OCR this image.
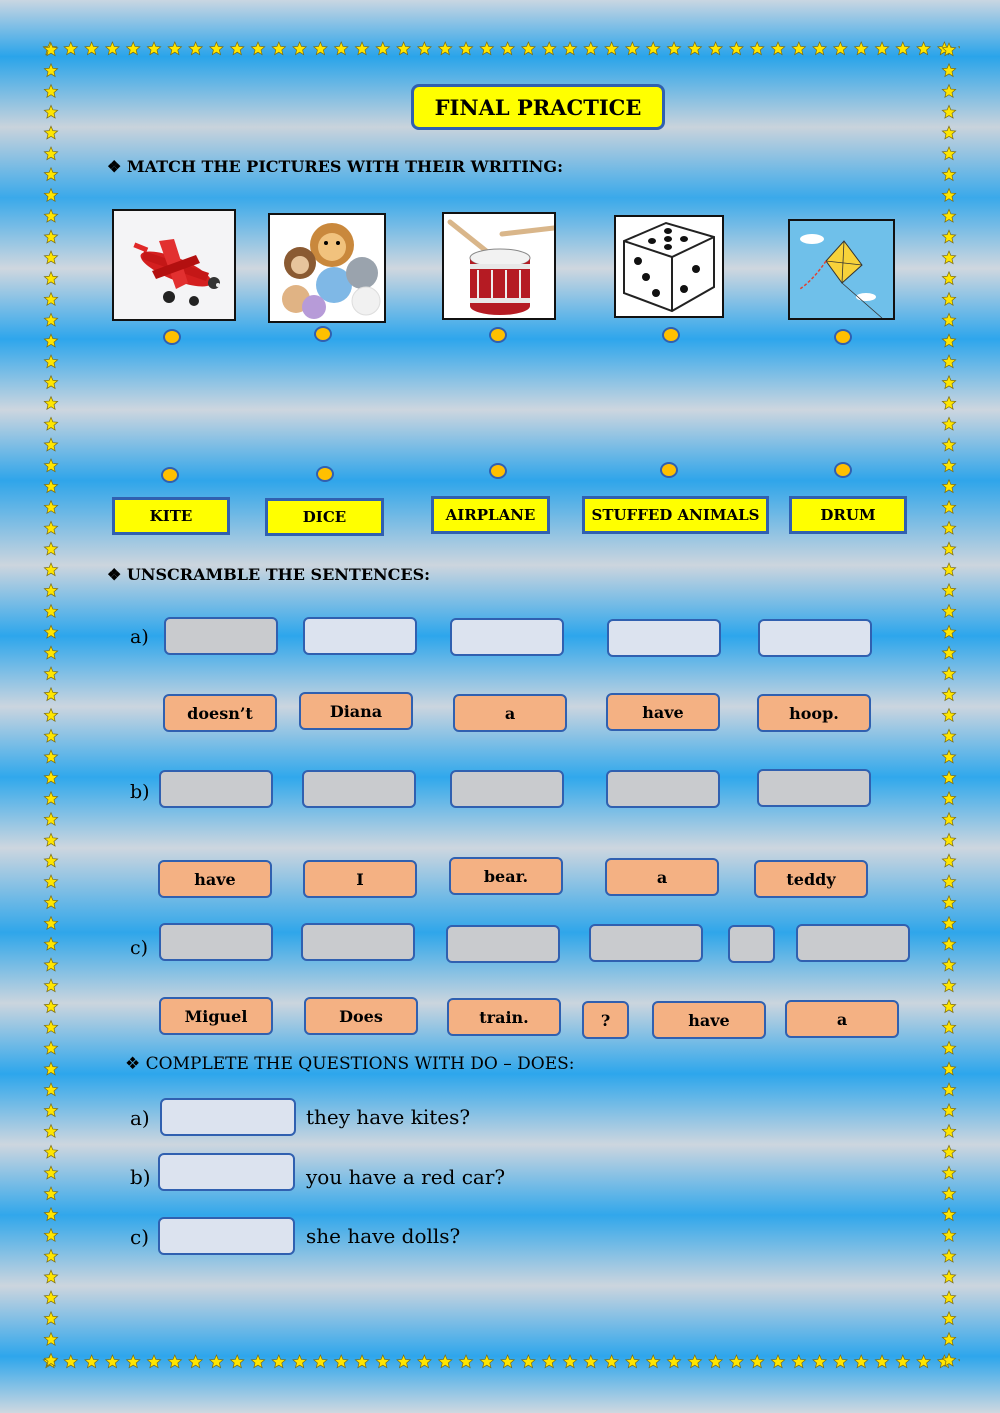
FINAL PRACTICE
❖ MATCH THE PICTURES WITH THEIR WRITING:
KITE	DICE	AIRPLANE	STUFFED ANIMALS	DRUM
❖ UNSCRAMBLE THE SENTENCES:
a)
doesn’t	Diana	a	have	hoop.
b)
have	I	bear.	a	teddy
c)
Miguel	Does	train.	?	have	a
❖ COMPLETE THE QUESTIONS WITH DO – DOES:
a)	they have kites?
b)	you have a red car?
c)	she have dolls?
